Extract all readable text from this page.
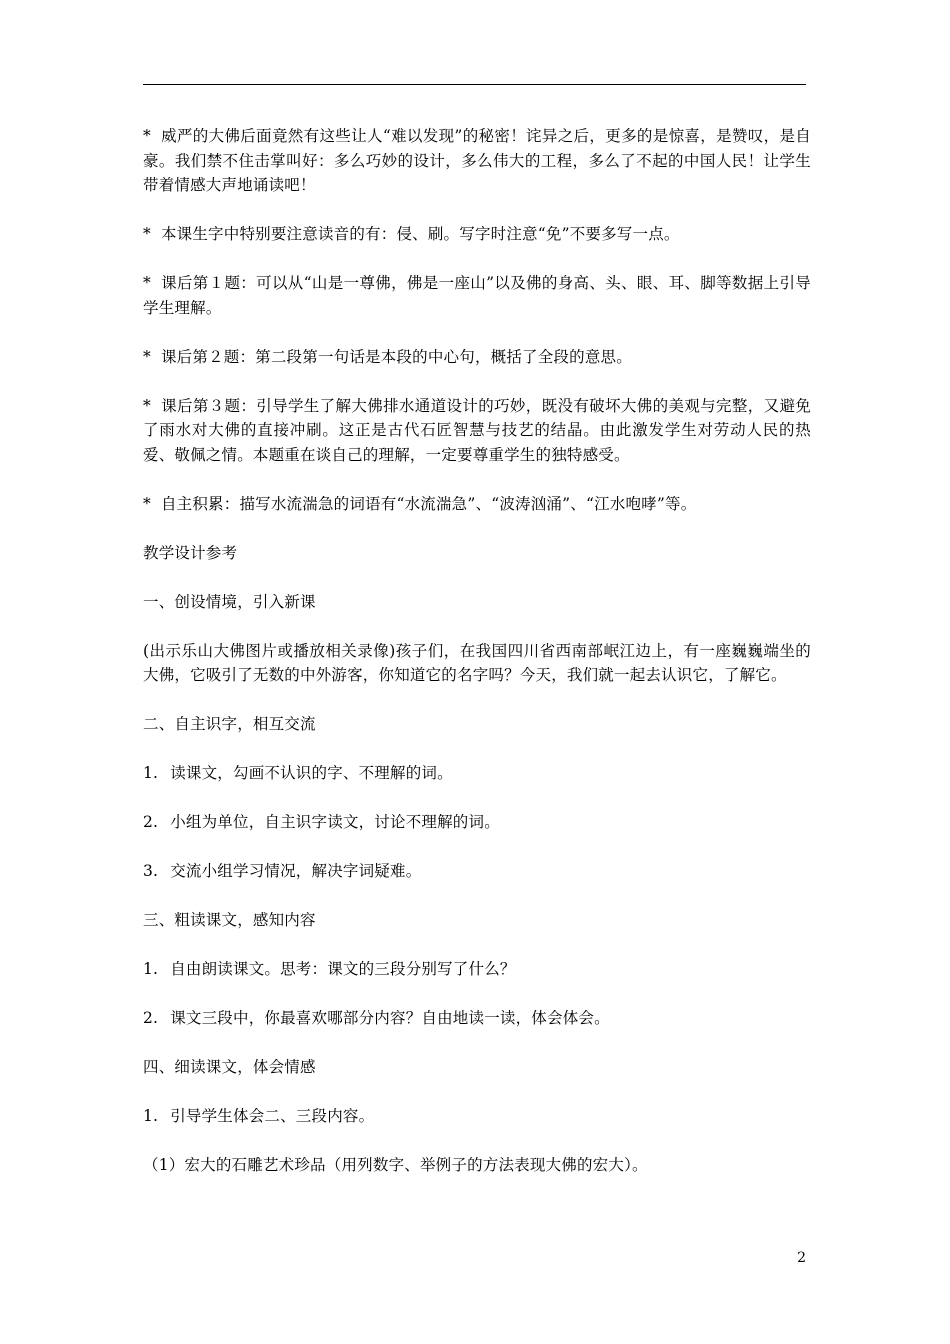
* 威严的大佛后面竟然有这些让人“难以发现”的秘密！诧异之后，更多的是惊喜，是赞叹，是自豪。我们禁不住击掌叫好：多么巧妙的设计，多么伟大的工程，多么了不起的中国人民！让学生带着情感大声地诵读吧！

* 本课生字中特别要注意读音的有：侵、刷。写字时注意“免”不要多写一点。

* 课后第１题：可以从“山是一尊佛，佛是一座山”以及佛的身高、头、眼、耳、脚等数据上引导学生理解。

* 课后第２题：第二段第一句话是本段的中心句，概括了全段的意思。

* 课后第３题：引导学生了解大佛排水通道设计的巧妙，既没有破坏大佛的美观与完整，又避免了雨水对大佛的直接冲刷。这正是古代石匠智慧与技艺的结晶。由此激发学生对劳动人民的热爱、敬佩之情。本题重在谈自己的理解，一定要尊重学生的独特感受。

* 自主积累：描写水流湍急的词语有“水流湍急”、“波涛汹涌”、“江水咆哮”等。

教学设计参考

一、创设情境，引入新课

(出示乐山大佛图片或播放相关录像)孩子们，在我国四川省西南部岷江边上，有一座巍巍端坐的大佛，它吸引了无数的中外游客，你知道它的名字吗？今天，我们就一起去认识它，了解它。

二、自主识字，相互交流

1. 读课文，勾画不认识的字、不理解的词。

2. 小组为单位，自主识字读文，讨论不理解的词。

3. 交流小组学习情况，解决字词疑难。

三、粗读课文，感知内容

1. 自由朗读课文。思考：课文的三段分别写了什么？

2. 课文三段中，你最喜欢哪部分内容？自由地读一读，体会体会。

四、细读课文，体会情感

1. 引导学生体会二、三段内容。

（1）宏大的石雕艺术珍品（用列数字、举例子的方法表现大佛的宏大）。

2
